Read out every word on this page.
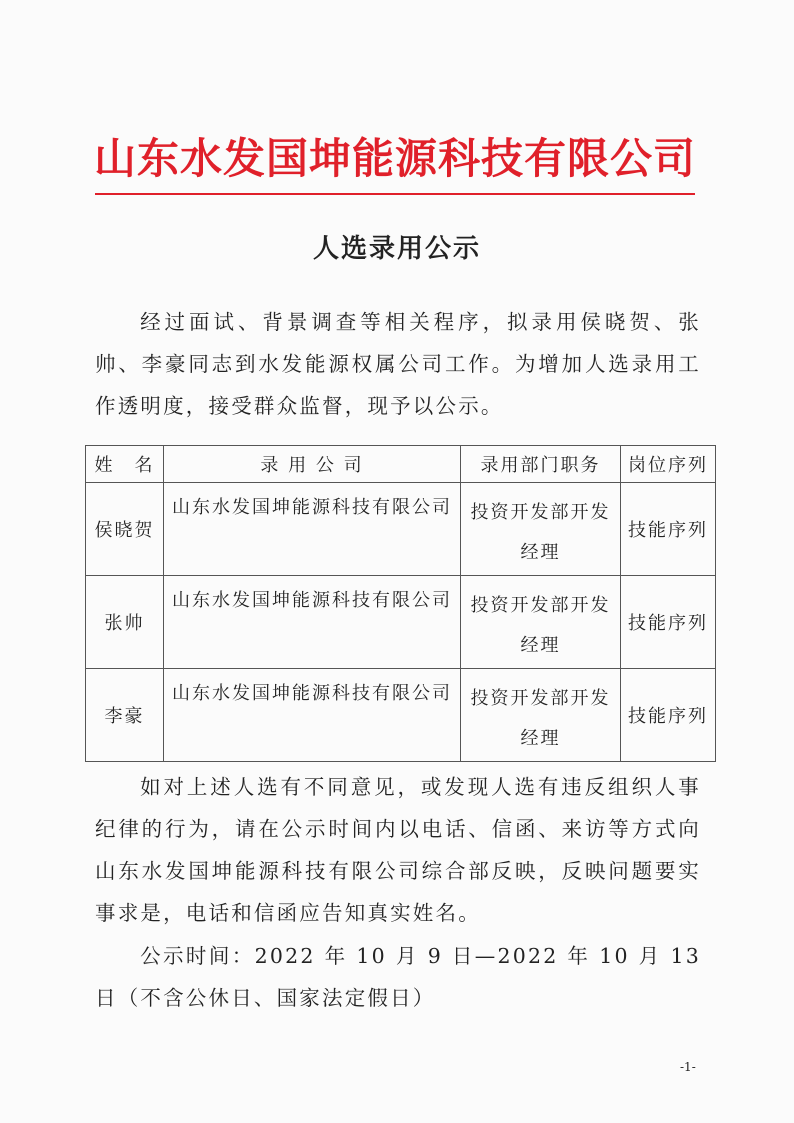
山东水发国坤能源科技有限公司
人选录用公示

经过面试、背景调查等相关程序，拟录用侯晓贺、张帅、李豪同志到水发能源权属公司工作。为增加人选录用工作透明度，接受群众监督，现予以公示。

姓　名	录 用 公 司	录用部门职务	岗位序列
侯晓贺	山东水发国坤能源科技有限公司	投资开发部开发经理	技能序列
张帅	山东水发国坤能源科技有限公司	投资开发部开发经理	技能序列
李豪	山东水发国坤能源科技有限公司	投资开发部开发经理	技能序列

如对上述人选有不同意见，或发现人选有违反组织人事纪律的行为，请在公示时间内以电话、信函、来访等方式向山东水发国坤能源科技有限公司综合部反映，反映问题要实事求是，电话和信函应告知真实姓名。

公示时间：2022 年 10 月 9 日—2022 年 10 月 13 日（不含公休日、国家法定假日）

-1-
